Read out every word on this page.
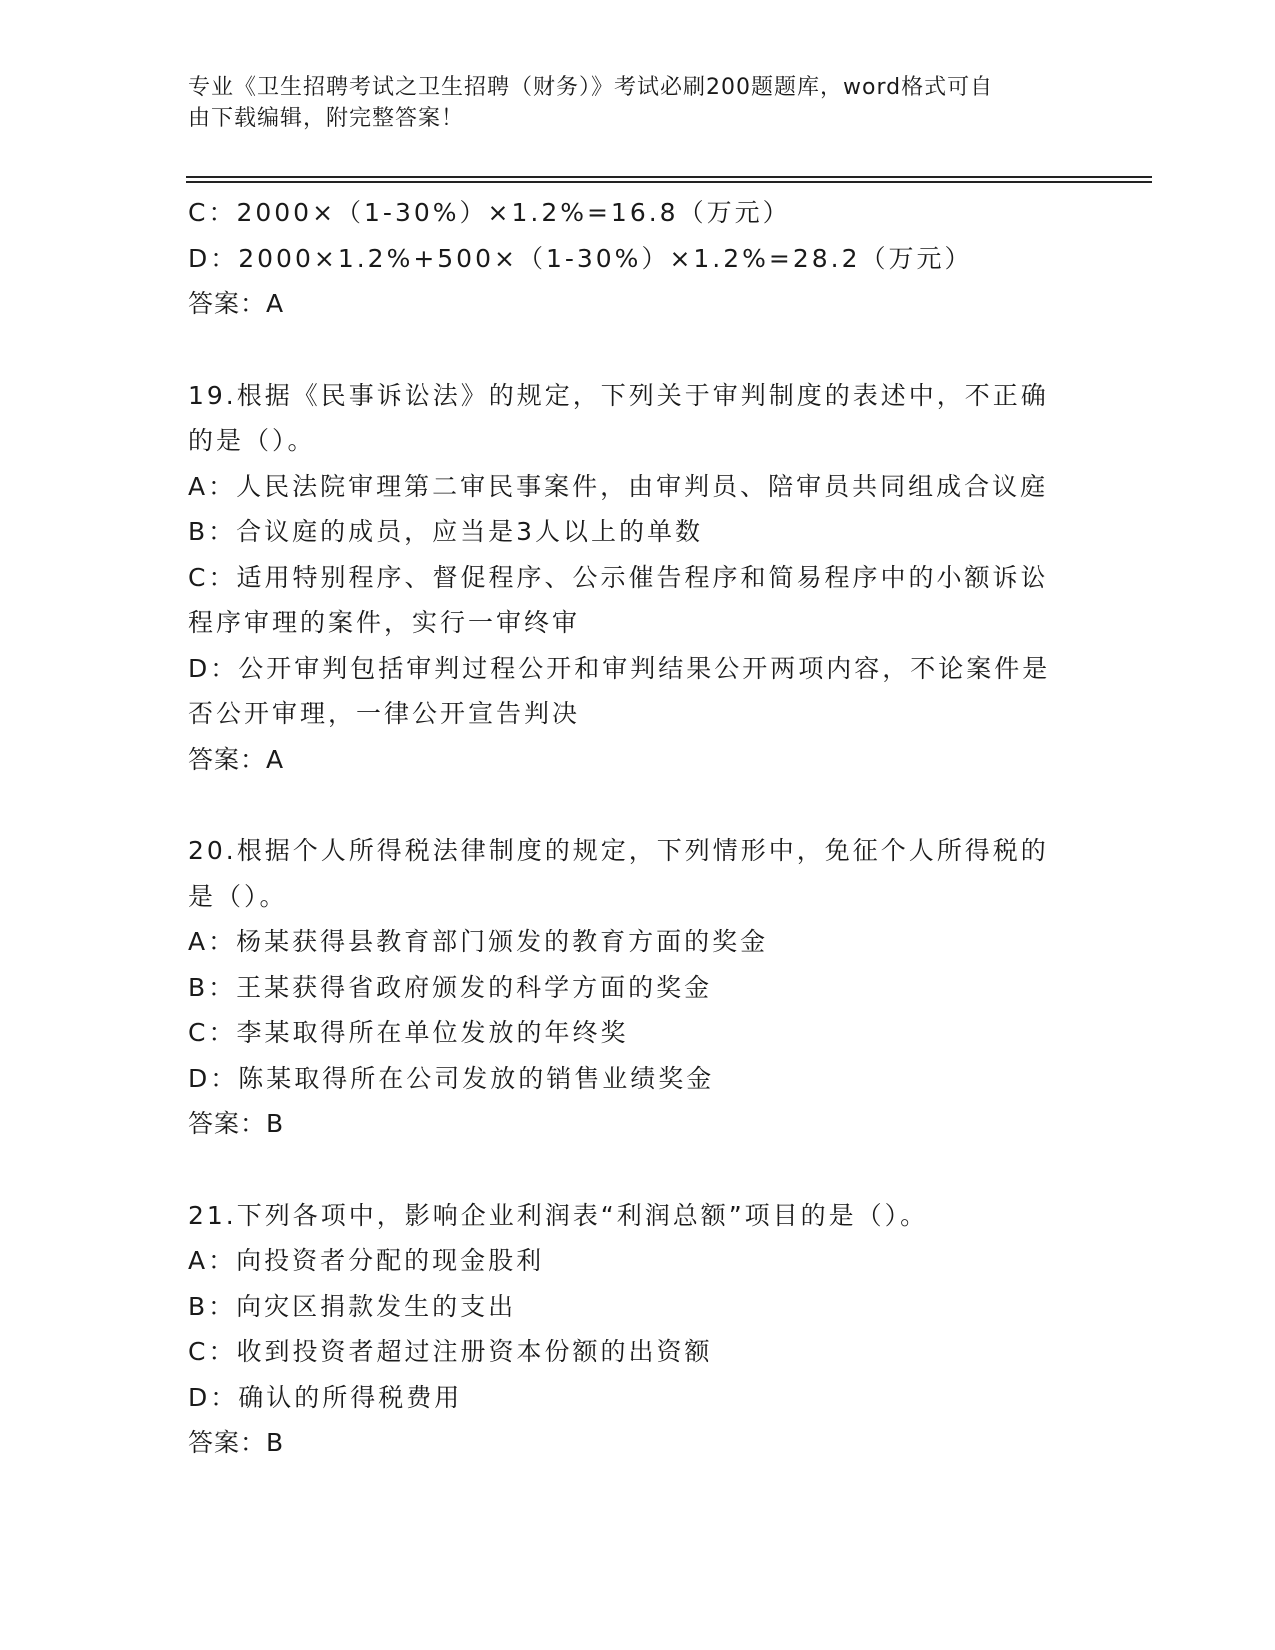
专业《卫生招聘考试之卫生招聘（财务）》考试必刷200题题库，word格式可自
由下载编辑，附完整答案！
C：2000×（1-30%）×1.2%=16.8（万元）
D：2000×1.2%+500×（1-30%）×1.2%=28.2（万元）
答案：A
19.根据《民事诉讼法》的规定，下列关于审判制度的表述中，不正确
的是（）。
A：人民法院审理第二审民事案件，由审判员、陪审员共同组成合议庭
B：合议庭的成员，应当是3人以上的单数
C：适用特别程序、督促程序、公示催告程序和简易程序中的小额诉讼
程序审理的案件，实行一审终审
D：公开审判包括审判过程公开和审判结果公开两项内容，不论案件是
否公开审理，一律公开宣告判决
答案：A
20.根据个人所得税法律制度的规定，下列情形中，免征个人所得税的
是（）。
A：杨某获得县教育部门颁发的教育方面的奖金
B：王某获得省政府颁发的科学方面的奖金
C：李某取得所在单位发放的年终奖
D：陈某取得所在公司发放的销售业绩奖金
答案：B
21.下列各项中，影响企业利润表“利润总额”项目的是（）。
A：向投资者分配的现金股利
B：向灾区捐款发生的支出
C：收到投资者超过注册资本份额的出资额
D：确认的所得税费用
答案：B
